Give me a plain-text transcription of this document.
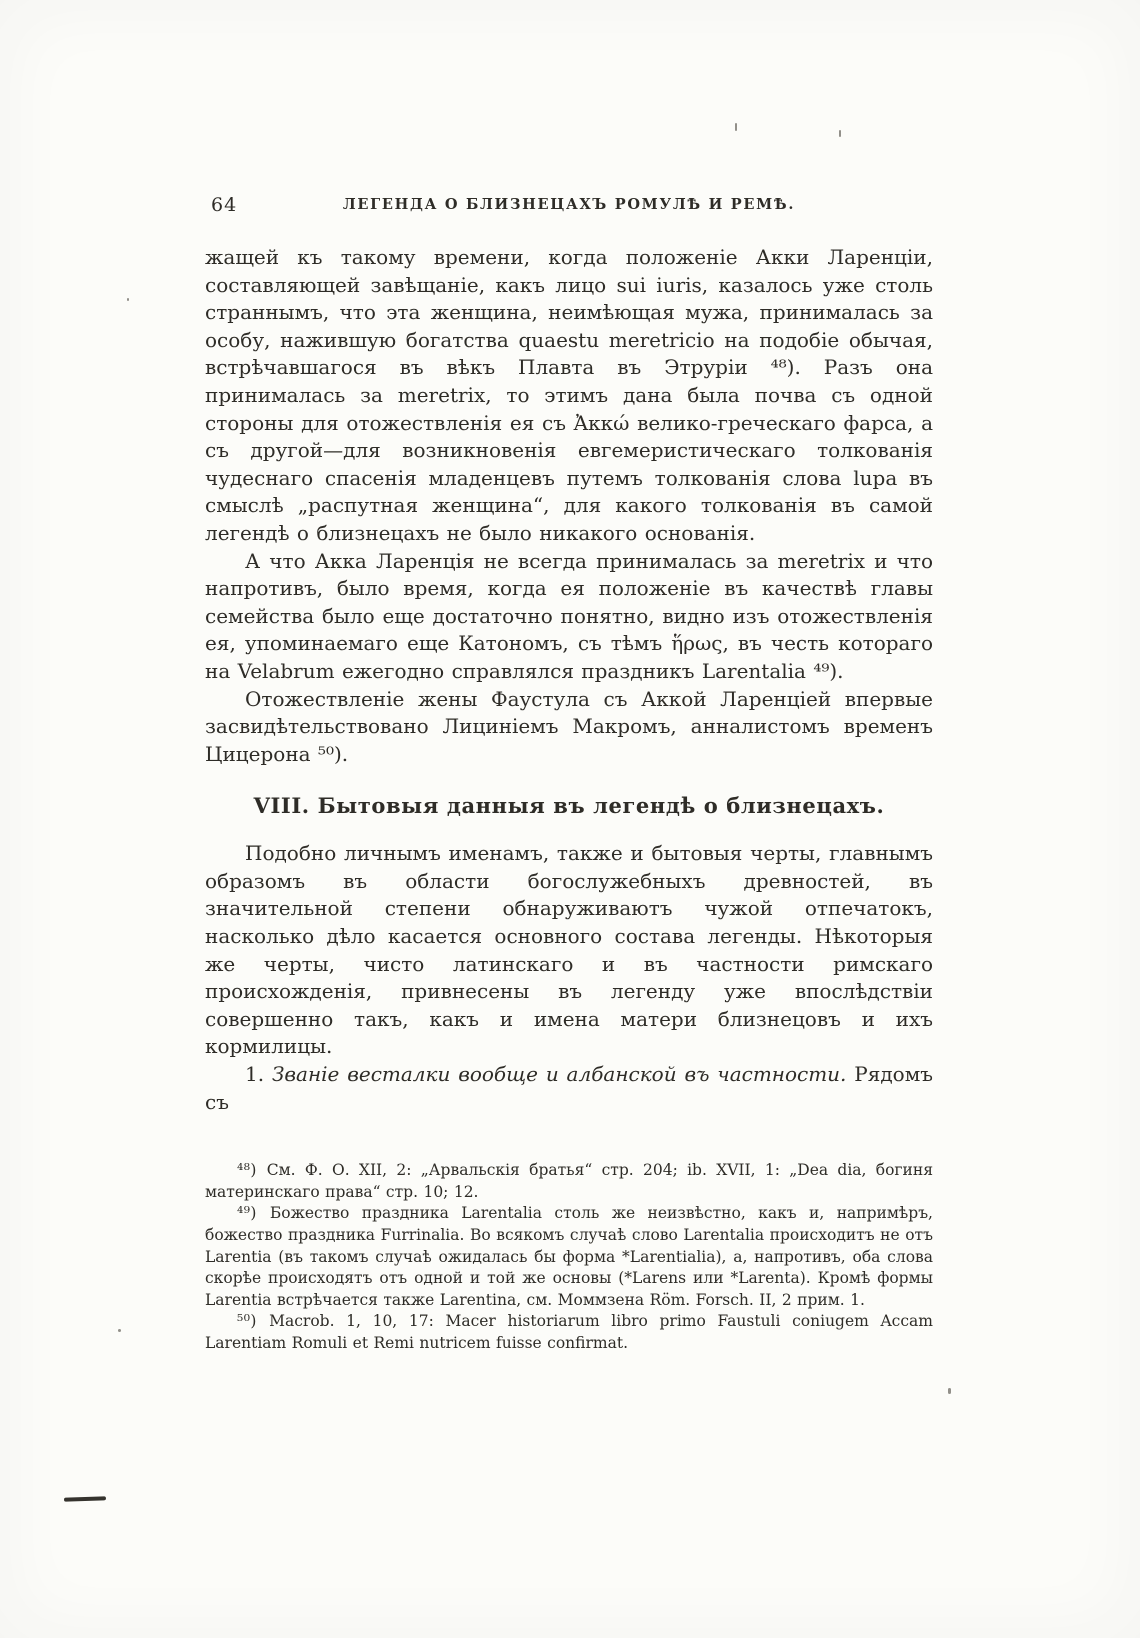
64	ЛЕГЕНДА О БЛИЗНЕЦАХЪ РОМУЛѢ И РЕМѢ.

жащей къ такому времени, когда положеніе Акки Ларенціи, составляющей завѣщаніе, какъ лицо sui iuris, казалось уже столь страннымъ, что эта женщина, неимѣющая мужа, принималась за особу, нажившую богатства quaestu meretricio на подобіе обычая, встрѣчавшагося въ вѣкъ Плавта въ Этруріи ⁴⁸). Разъ она принималась за meretrix, то этимъ дана была почва съ одной стороны для отожествленія ея съ Ἀκκώ велико-греческаго фарса, а съ другой—для возникновенія евгемеристическаго толкованія чудеснаго спасенія младенцевъ путемъ толкованія слова lupa въ смыслѣ „распутная женщина“, для какого толкованія въ самой легендѣ о близнецахъ не было никакого основанія.

А что Акка Ларенція не всегда принималась за meretrix и что напротивъ, было время, когда ея положеніе въ качествѣ главы семейства было еще достаточно понятно, видно изъ отожествленія ея, упоминаемаго еще Катономъ, съ тѣмъ ἥρως, въ честь котораго на Velabrum ежегодно справлялся праздникъ Larentalia ⁴⁹).

Отожествленіе жены Фаустула съ Аккой Ларенціей впервые засвидѣтельствовано Лициніемъ Макромъ, анналистомъ временъ Цицерона ⁵⁰).

VIII. Бытовыя данныя въ легендѣ о близнецахъ.

Подобно личнымъ именамъ, также и бытовыя черты, главнымъ образомъ въ области богослужебныхъ древностей, въ значительной степени обнаруживаютъ чужой отпечатокъ, насколько дѣло касается основного состава легенды. Нѣкоторыя же черты, чисто латинскаго и въ частности римскаго происхожденія, привнесены въ легенду уже впослѣдствіи совершенно такъ, какъ и имена матери близнецовъ и ихъ кормилицы.

1. Званіе весталки вообще и албанской въ частности. Рядомъ съ

⁴⁸) См. Ф. О. XII, 2: „Арвальскія братья“ стр. 204; ib. XVII, 1: „Dea dia, богиня материнскаго права“ стр. 10; 12.

⁴⁹) Божество праздника Larentalia столь же неизвѣстно, какъ и, напримѣръ, божество праздника Furrinalia. Во всякомъ случаѣ слово Larentalia происходитъ не отъ Larentia (въ такомъ случаѣ ожидалась бы форма *Larentialia), а, напротивъ, оба слова скорѣе происходятъ отъ одной и той же основы (*Larens или *Larenta). Кромѣ формы Larentia встрѣчается также Larentina, см. Моммзена Röm. Forsch. II, 2 прим. 1.

⁵⁰) Macrob. 1, 10, 17: Macer historiarum libro primo Faustuli coniugem Accam Larentiam Romuli et Remi nutricem fuisse confirmat.
